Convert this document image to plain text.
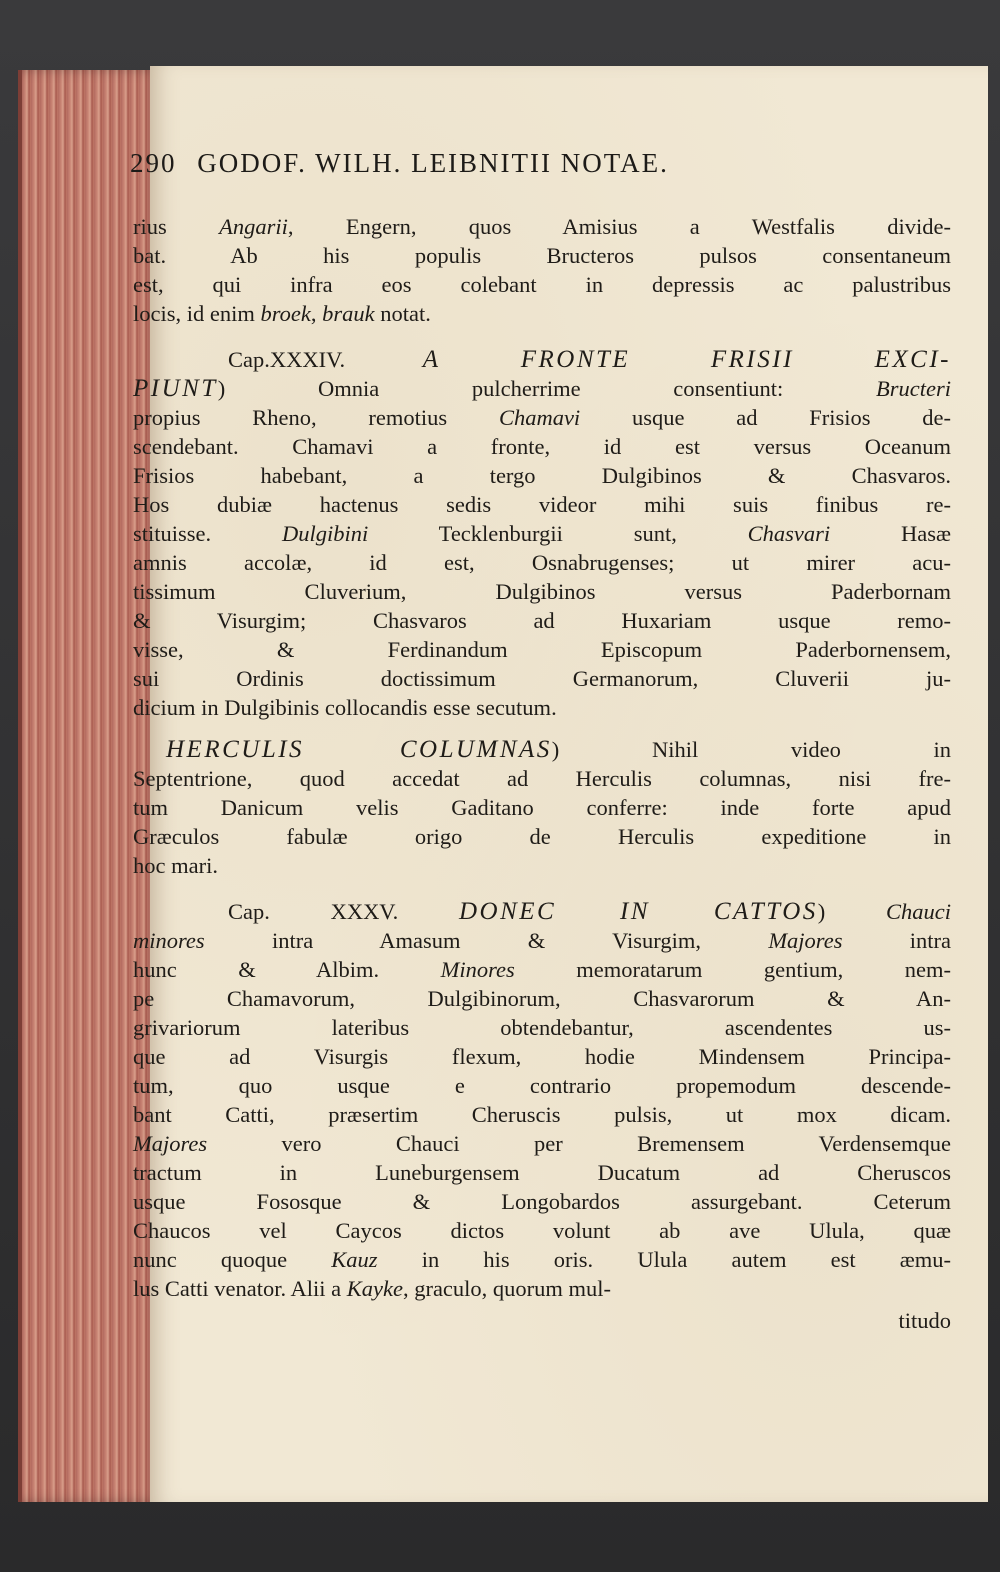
290 GODOF. WILH. LEIBNITII NOTAE.
rius Angarii, Engern, quos Amisius a Westfalis divide-
bat. Ab his populis Bructeros pulsos consentaneum
est, qui infra eos colebant in depressis ac palustribus
locis, id enim broek, brauk notat.
Cap.XXXIV. A FRONTE FRISII EXCI-
PIUNT) Omnia pulcherrime consentiunt: Bructeri
propius Rheno, remotius Chamavi usque ad Frisios de-
scendebant. Chamavi a fronte, id est versus Oceanum
Frisios habebant, a tergo Dulgibinos & Chasvaros.
Hos dubiæ hactenus sedis videor mihi suis finibus re-
stituisse. Dulgibini Tecklenburgii sunt, Chasvari Hasæ
amnis accolæ, id est, Osnabrugenses; ut mirer acu-
tissimum Cluverium, Dulgibinos versus Paderbornam
& Visurgim; Chasvaros ad Huxariam usque remo-
visse, & Ferdinandum Episcopum Paderbornensem,
sui Ordinis doctissimum Germanorum, Cluverii ju-
dicium in Dulgibinis collocandis esse secutum.
HERCULIS COLUMNAS) Nihil video in
Septentrione, quod accedat ad Herculis columnas, nisi fre-
tum Danicum velis Gaditano conferre: inde forte apud
Græculos fabulæ origo de Herculis expeditione in
hoc mari.
Cap. XXXV. DONEC IN CATTOS) Chauci
minores intra Amasum & Visurgim, Majores intra
hunc & Albim. Minores memoratarum gentium, nem-
pe Chamavorum, Dulgibinorum, Chasvarorum & An-
grivariorum lateribus obtendebantur, ascendentes us-
que ad Visurgis flexum, hodie Mindensem Principa-
tum, quo usque e contrario propemodum descende-
bant Catti, præsertim Cheruscis pulsis, ut mox dicam.
Majores vero Chauci per Bremensem Verdensemque
tractum in Luneburgensem Ducatum ad Cheruscos
usque Fososque & Longobardos assurgebant. Ceterum
Chaucos vel Caycos dictos volunt ab ave Ulula, quæ
nunc quoque Kauz in his oris. Ulula autem est æmu-
lus Catti venator. Alii a Kayke, graculo, quorum mul-
titudo
